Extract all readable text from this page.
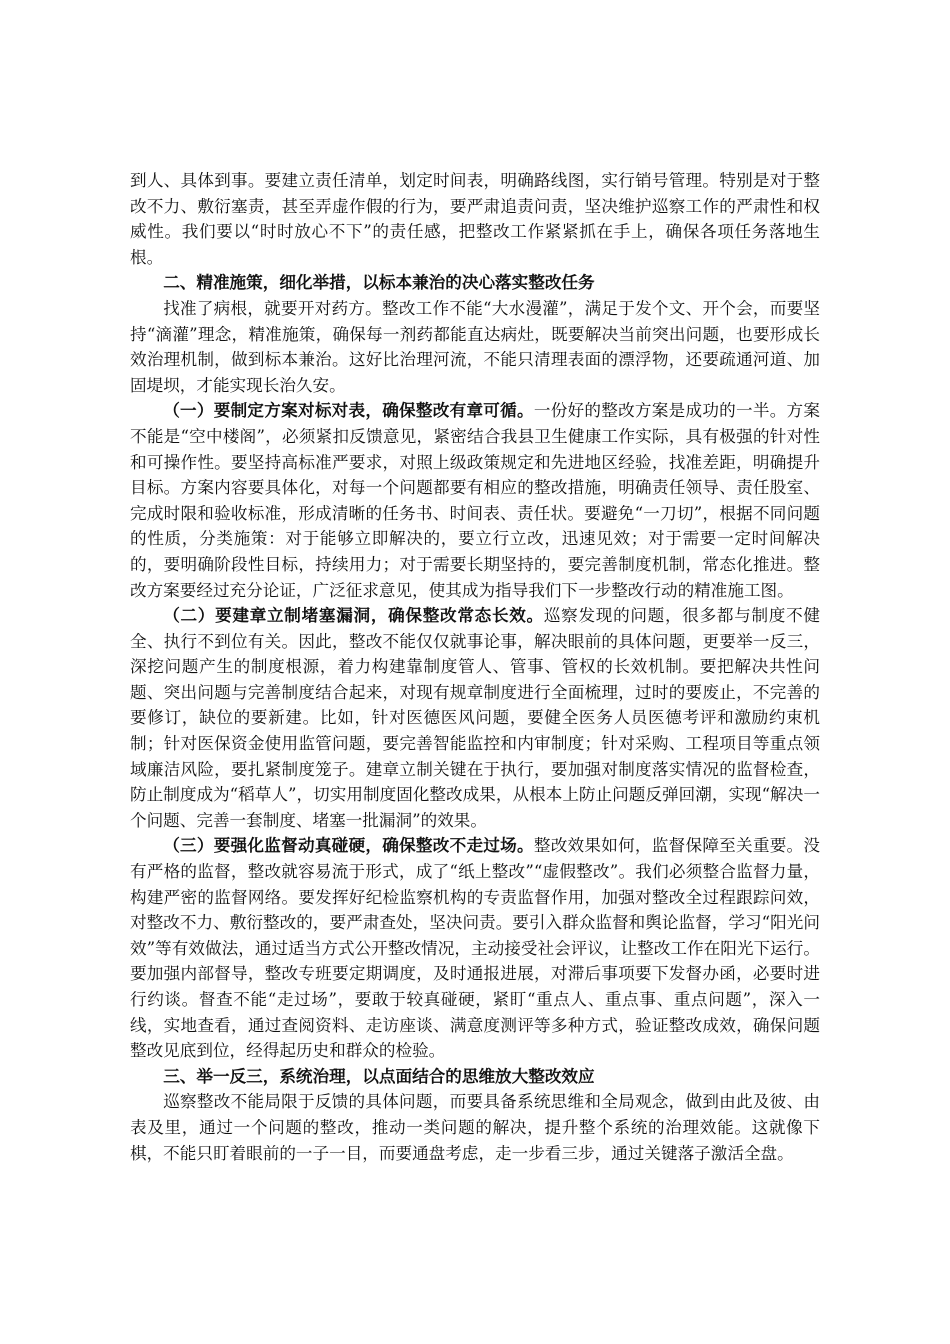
到人、具体到事。要建立责任清单，划定时间表，明确路线图，实行销号管理。特别是对于整改不力、敷衍塞责，甚至弄虚作假的行为，要严肃追责问责，坚决维护巡察工作的严肃性和权威性。我们要以“时时放心不下”的责任感，把整改工作紧紧抓在手上，确保各项任务落地生根。

二、精准施策，细化举措，以标本兼治的决心落实整改任务

找准了病根，就要开对药方。整改工作不能“大水漫灌”，满足于发个文、开个会，而要坚持“滴灌”理念，精准施策，确保每一剂药都能直达病灶，既要解决当前突出问题，也要形成长效治理机制，做到标本兼治。这好比治理河流，不能只清理表面的漂浮物，还要疏通河道、加固堤坝，才能实现长治久安。

（一）要制定方案对标对表，确保整改有章可循。一份好的整改方案是成功的一半。方案不能是“空中楼阁”，必须紧扣反馈意见，紧密结合我县卫生健康工作实际，具有极强的针对性和可操作性。要坚持高标准严要求，对照上级政策规定和先进地区经验，找准差距，明确提升目标。方案内容要具体化，对每一个问题都要有相应的整改措施，明确责任领导、责任股室、完成时限和验收标准，形成清晰的任务书、时间表、责任状。要避免“一刀切”，根据不同问题的性质，分类施策：对于能够立即解决的，要立行立改，迅速见效；对于需要一定时间解决的，要明确阶段性目标，持续用力；对于需要长期坚持的，要完善制度机制，常态化推进。整改方案要经过充分论证，广泛征求意见，使其成为指导我们下一步整改行动的精准施工图。

（二）要建章立制堵塞漏洞，确保整改常态长效。巡察发现的问题，很多都与制度不健全、执行不到位有关。因此，整改不能仅仅就事论事，解决眼前的具体问题，更要举一反三，深挖问题产生的制度根源，着力构建靠制度管人、管事、管权的长效机制。要把解决共性问题、突出问题与完善制度结合起来，对现有规章制度进行全面梳理，过时的要废止，不完善的要修订，缺位的要新建。比如，针对医德医风问题，要健全医务人员医德考评和激励约束机制；针对医保资金使用监管问题，要完善智能监控和内审制度；针对采购、工程项目等重点领域廉洁风险，要扎紧制度笼子。建章立制关键在于执行，要加强对制度落实情况的监督检查，防止制度成为“稻草人”，切实用制度固化整改成果，从根本上防止问题反弹回潮，实现“解决一个问题、完善一套制度、堵塞一批漏洞”的效果。

（三）要强化监督动真碰硬，确保整改不走过场。整改效果如何，监督保障至关重要。没有严格的监督，整改就容易流于形式，成了“纸上整改”“虚假整改”。我们必须整合监督力量，构建严密的监督网络。要发挥好纪检监察机构的专责监督作用，加强对整改全过程跟踪问效，对整改不力、敷衍整改的，要严肃查处，坚决问责。要引入群众监督和舆论监督，学习“阳光问效”等有效做法，通过适当方式公开整改情况，主动接受社会评议，让整改工作在阳光下运行。要加强内部督导，整改专班要定期调度，及时通报进展，对滞后事项要下发督办函，必要时进行约谈。督查不能“走过场”，要敢于较真碰硬，紧盯“重点人、重点事、重点问题”，深入一线，实地查看，通过查阅资料、走访座谈、满意度测评等多种方式，验证整改成效，确保问题整改见底到位，经得起历史和群众的检验。

三、举一反三，系统治理，以点面结合的思维放大整改效应

巡察整改不能局限于反馈的具体问题，而要具备系统思维和全局观念，做到由此及彼、由表及里，通过一个问题的整改，推动一类问题的解决，提升整个系统的治理效能。这就像下棋，不能只盯着眼前的一子一目，而要通盘考虑，走一步看三步，通过关键落子激活全盘。
